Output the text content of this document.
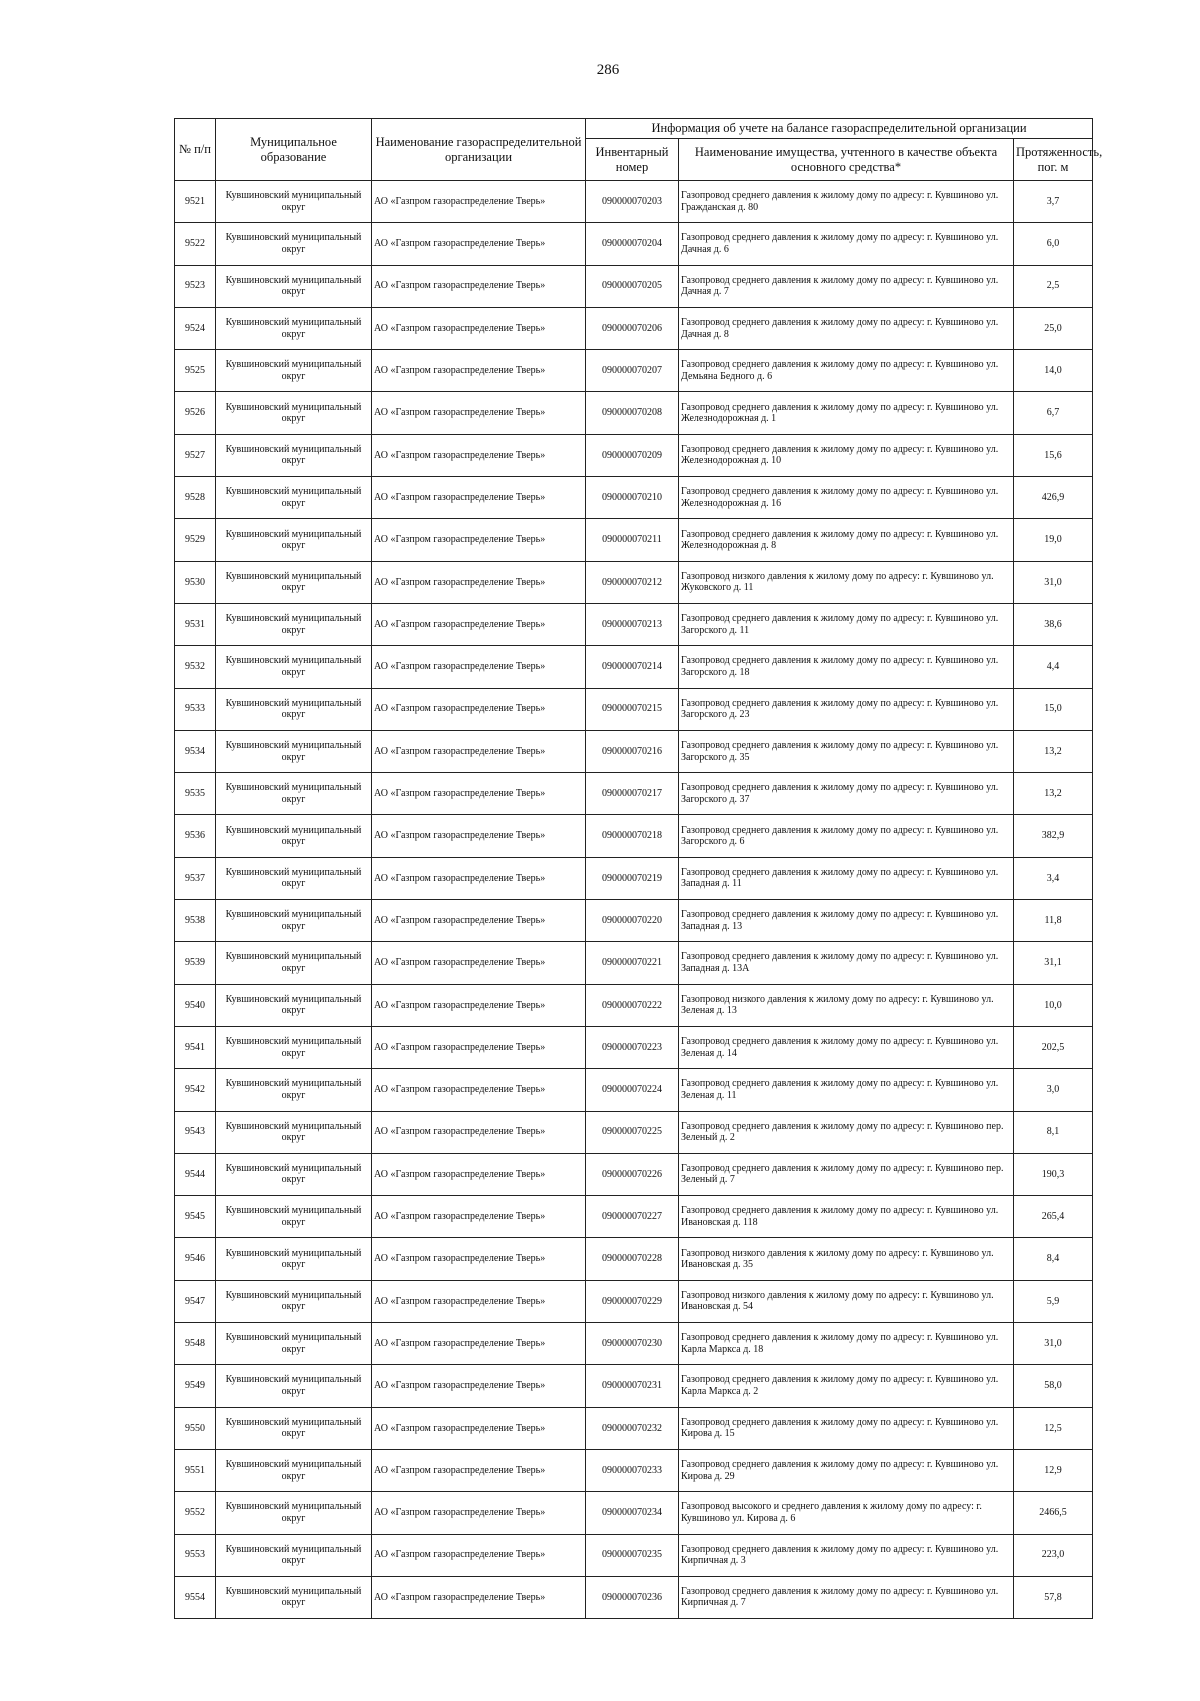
286
№ п/п	Муниципальное образование	Наименование газораспределительной организации	Информация об учете на балансе газораспределительной организации		
			Инвентарный номер	Наименование имущества, учтенного в качестве объекта основного средства*	Протяженность, пог. м
9521	Кувшиновский муниципальный округ	АО «Газпром газораспределение Тверь»	090000070203	Газопровод среднего давления к жилому дому по адресу: г. Кувшиново ул. Гражданская д. 80	3,7
9522	Кувшиновский муниципальный округ	АО «Газпром газораспределение Тверь»	090000070204	Газопровод среднего давления к жилому дому по адресу: г. Кувшиново ул. Дачная д. 6	6,0
9523	Кувшиновский муниципальный округ	АО «Газпром газораспределение Тверь»	090000070205	Газопровод среднего давления к жилому дому по адресу: г. Кувшиново ул. Дачная д. 7	2,5
9524	Кувшиновский муниципальный округ	АО «Газпром газораспределение Тверь»	090000070206	Газопровод среднего давления к жилому дому по адресу: г. Кувшиново ул. Дачная д. 8	25,0
9525	Кувшиновский муниципальный округ	АО «Газпром газораспределение Тверь»	090000070207	Газопровод среднего давления к жилому дому по адресу: г. Кувшиново ул. Демьяна Бедного д. 6	14,0
9526	Кувшиновский муниципальный округ	АО «Газпром газораспределение Тверь»	090000070208	Газопровод среднего давления к жилому дому по адресу: г. Кувшиново ул. Железнодорожная д. 1	6,7
9527	Кувшиновский муниципальный округ	АО «Газпром газораспределение Тверь»	090000070209	Газопровод среднего давления к жилому дому по адресу: г. Кувшиново ул. Железнодорожная д. 10	15,6
9528	Кувшиновский муниципальный округ	АО «Газпром газораспределение Тверь»	090000070210	Газопровод среднего давления к жилому дому по адресу: г. Кувшиново ул. Железнодорожная д. 16	426,9
9529	Кувшиновский муниципальный округ	АО «Газпром газораспределение Тверь»	090000070211	Газопровод среднего давления к жилому дому по адресу: г. Кувшиново ул. Железнодорожная д. 8	19,0
9530	Кувшиновский муниципальный округ	АО «Газпром газораспределение Тверь»	090000070212	Газопровод низкого давления к жилому дому по адресу: г. Кувшиново ул. Жуковского д. 11	31,0
9531	Кувшиновский муниципальный округ	АО «Газпром газораспределение Тверь»	090000070213	Газопровод среднего давления к жилому дому по адресу: г. Кувшиново ул. Загорского д. 11	38,6
9532	Кувшиновский муниципальный округ	АО «Газпром газораспределение Тверь»	090000070214	Газопровод среднего давления к жилому дому по адресу: г. Кувшиново ул. Загорского д. 18	4,4
9533	Кувшиновский муниципальный округ	АО «Газпром газораспределение Тверь»	090000070215	Газопровод среднего давления к жилому дому по адресу: г. Кувшиново ул. Загорского д. 23	15,0
9534	Кувшиновский муниципальный округ	АО «Газпром газораспределение Тверь»	090000070216	Газопровод среднего давления к жилому дому по адресу: г. Кувшиново ул. Загорского д. 35	13,2
9535	Кувшиновский муниципальный округ	АО «Газпром газораспределение Тверь»	090000070217	Газопровод среднего давления к жилому дому по адресу: г. Кувшиново ул. Загорского д. 37	13,2
9536	Кувшиновский муниципальный округ	АО «Газпром газораспределение Тверь»	090000070218	Газопровод среднего давления к жилому дому по адресу: г. Кувшиново ул. Загорского д. 6	382,9
9537	Кувшиновский муниципальный округ	АО «Газпром газораспределение Тверь»	090000070219	Газопровод среднего давления к жилому дому по адресу: г. Кувшиново ул. Западная д. 11	3,4
9538	Кувшиновский муниципальный округ	АО «Газпром газораспределение Тверь»	090000070220	Газопровод среднего давления к жилому дому по адресу: г. Кувшиново ул. Западная д. 13	11,8
9539	Кувшиновский муниципальный округ	АО «Газпром газораспределение Тверь»	090000070221	Газопровод среднего давления к жилому дому по адресу: г. Кувшиново ул. Западная д. 13А	31,1
9540	Кувшиновский муниципальный округ	АО «Газпром газораспределение Тверь»	090000070222	Газопровод низкого давления к жилому дому по адресу: г. Кувшиново ул. Зеленая д. 13	10,0
9541	Кувшиновский муниципальный округ	АО «Газпром газораспределение Тверь»	090000070223	Газопровод среднего давления к жилому дому по адресу: г. Кувшиново ул. Зеленая д. 14	202,5
9542	Кувшиновский муниципальный округ	АО «Газпром газораспределение Тверь»	090000070224	Газопровод среднего давления к жилому дому по адресу: г. Кувшиново ул. Зеленая д. 11	3,0
9543	Кувшиновский муниципальный округ	АО «Газпром газораспределение Тверь»	090000070225	Газопровод среднего давления к жилому дому по адресу: г. Кувшиново пер. Зеленый д. 2	8,1
9544	Кувшиновский муниципальный округ	АО «Газпром газораспределение Тверь»	090000070226	Газопровод среднего давления к жилому дому по адресу: г. Кувшиново пер. Зеленый д. 7	190,3
9545	Кувшиновский муниципальный округ	АО «Газпром газораспределение Тверь»	090000070227	Газопровод среднего давления к жилому дому по адресу: г. Кувшиново ул. Ивановская д. 118	265,4
9546	Кувшиновский муниципальный округ	АО «Газпром газораспределение Тверь»	090000070228	Газопровод низкого давления к жилому дому по адресу: г. Кувшиново ул. Ивановская д. 35	8,4
9547	Кувшиновский муниципальный округ	АО «Газпром газораспределение Тверь»	090000070229	Газопровод низкого давления к жилому дому по адресу: г. Кувшиново ул. Ивановская д. 54	5,9
9548	Кувшиновский муниципальный округ	АО «Газпром газораспределение Тверь»	090000070230	Газопровод среднего давления к жилому дому по адресу: г. Кувшиново ул. Карла Маркса д. 18	31,0
9549	Кувшиновский муниципальный округ	АО «Газпром газораспределение Тверь»	090000070231	Газопровод среднего давления к жилому дому по адресу: г. Кувшиново ул. Карла Маркса д. 2	58,0
9550	Кувшиновский муниципальный округ	АО «Газпром газораспределение Тверь»	090000070232	Газопровод среднего давления к жилому дому по адресу: г. Кувшиново ул. Кирова д. 15	12,5
9551	Кувшиновский муниципальный округ	АО «Газпром газораспределение Тверь»	090000070233	Газопровод среднего давления к жилому дому по адресу: г. Кувшиново ул. Кирова д. 29	12,9
9552	Кувшиновский муниципальный округ	АО «Газпром газораспределение Тверь»	090000070234	Газопровод высокого и среднего давления к жилому дому по адресу: г. Кувшиново ул. Кирова д. 6	2466,5
9553	Кувшиновский муниципальный округ	АО «Газпром газораспределение Тверь»	090000070235	Газопровод среднего давления к жилому дому по адресу: г. Кувшиново ул. Кирпичная д. 3	223,0
9554	Кувшиновский муниципальный округ	АО «Газпром газораспределение Тверь»	090000070236	Газопровод среднего давления к жилому дому по адресу: г. Кувшиново ул. Кирпичная д. 7	57,8
